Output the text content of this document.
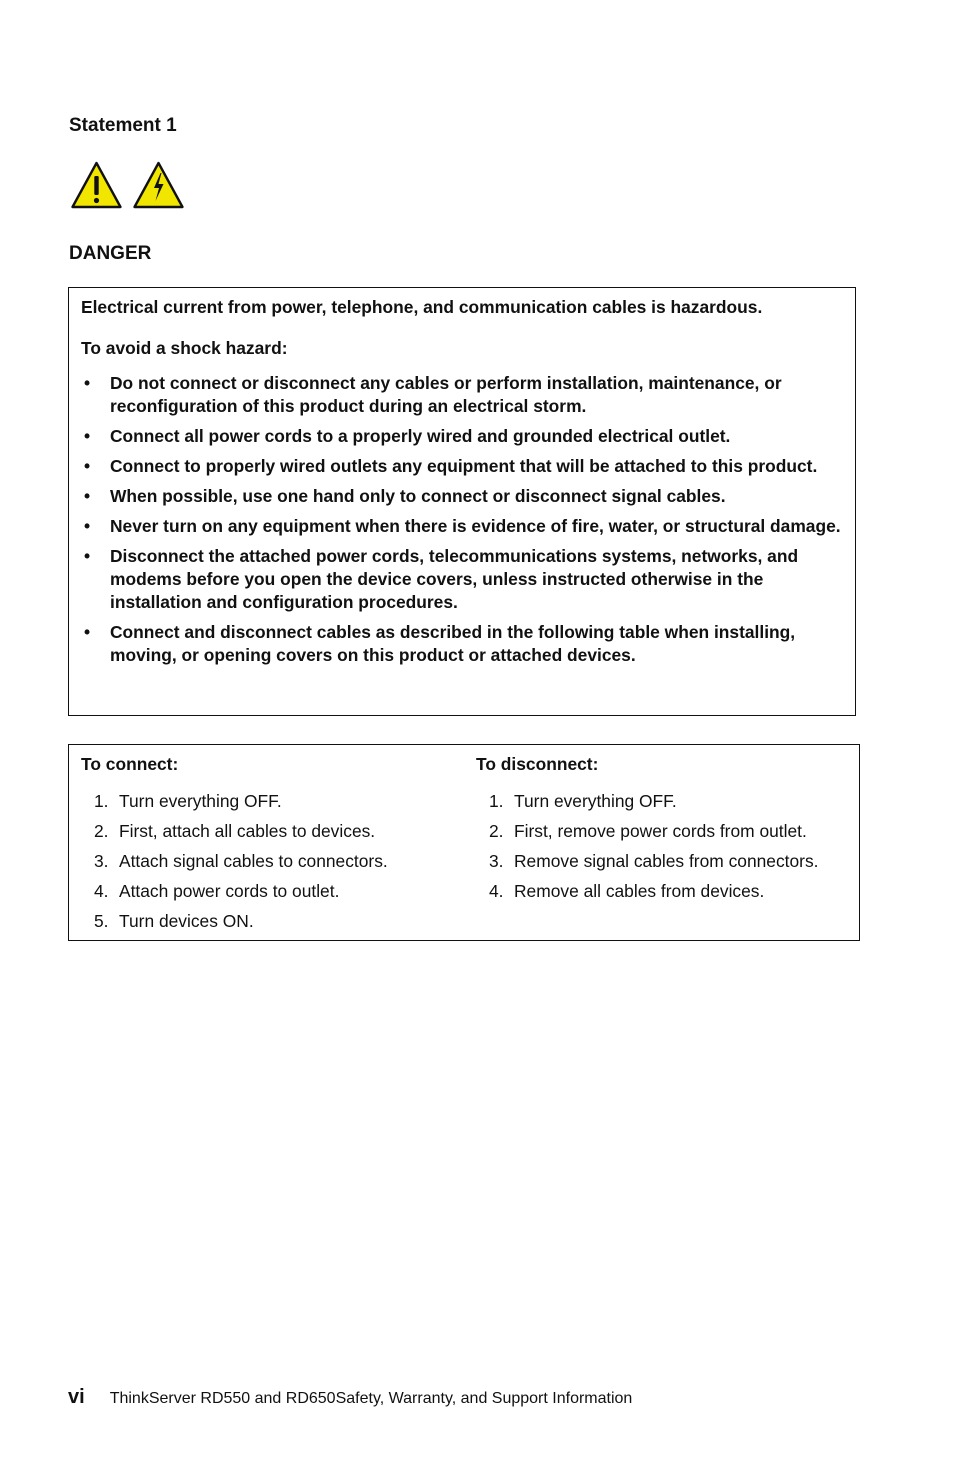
Statement 1
DANGER

Electrical current from power, telephone, and communication cables is hazardous.

To avoid a shock hazard:

• Do not connect or disconnect any cables or perform installation, maintenance, or reconfiguration of this product during an electrical storm.
• Connect all power cords to a properly wired and grounded electrical outlet.
• Connect to properly wired outlets any equipment that will be attached to this product.
• When possible, use one hand only to connect or disconnect signal cables.
• Never turn on any equipment when there is evidence of fire, water, or structural damage.
• Disconnect the attached power cords, telecommunications systems, networks, and modems before you open the device covers, unless instructed otherwise in the installation and configuration procedures.
• Connect and disconnect cables as described in the following table when installing, moving, or opening covers on this product or attached devices.
To connect:
1. Turn everything OFF.
2. First, attach all cables to devices.
3. Attach signal cables to connectors.
4. Attach power cords to outlet.
5. Turn devices ON.
To disconnect:
1. Turn everything OFF.
2. First, remove power cords from outlet.
3. Remove signal cables from connectors.
4. Remove all cables from devices.
vi ThinkServer RD550 and RD650Safety, Warranty, and Support Information
